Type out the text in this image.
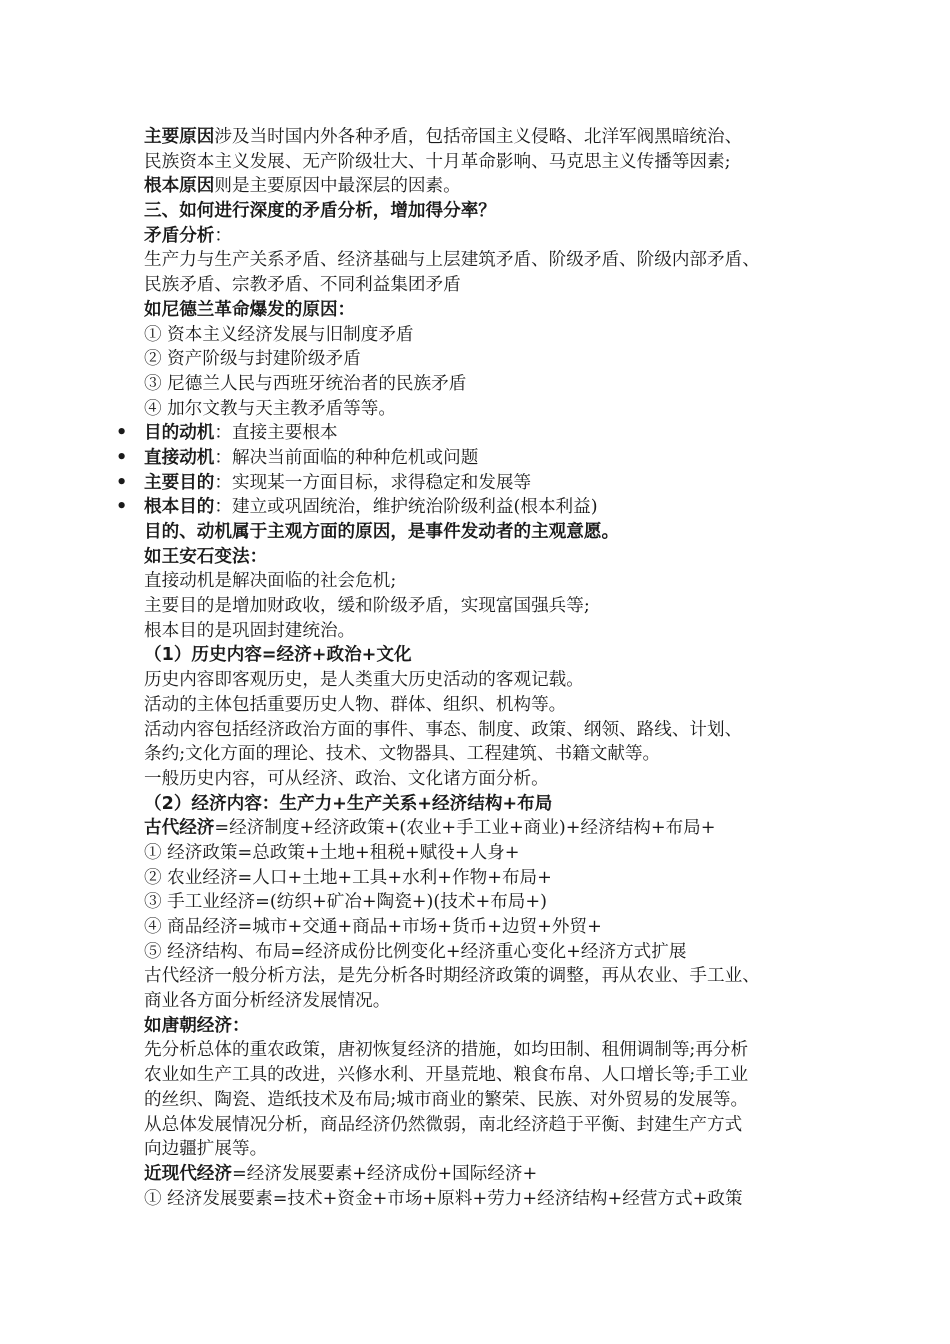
主要原因涉及当时国内外各种矛盾，包括帝国主义侵略、北洋军阀黑暗统治、
民族资本主义发展、无产阶级壮大、十月革命影响、马克思主义传播等因素;
根本原因则是主要原因中最深层的因素。
三、如何进行深度的矛盾分析，增加得分率？
矛盾分析：
生产力与生产关系矛盾、经济基础与上层建筑矛盾、阶级矛盾、阶级内部矛盾、
民族矛盾、宗教矛盾、不同利益集团矛盾
如尼德兰革命爆发的原因：
① 资本主义经济发展与旧制度矛盾
② 资产阶级与封建阶级矛盾
③ 尼德兰人民与西班牙统治者的民族矛盾
④ 加尔文教与天主教矛盾等等。
• 目的动机：直接主要根本
• 直接动机：解决当前面临的种种危机或问题
• 主要目的：实现某一方面目标，求得稳定和发展等
• 根本目的：建立或巩固统治，维护统治阶级利益(根本利益)
目的、动机属于主观方面的原因，是事件发动者的主观意愿。
如王安石变法：
直接动机是解决面临的社会危机;
主要目的是增加财政收，缓和阶级矛盾，实现富国强兵等;
根本目的是巩固封建统治。
（1）历史内容=经济+政治+文化
历史内容即客观历史，是人类重大历史活动的客观记载。
活动的主体包括重要历史人物、群体、组织、机构等。
活动内容包括经济政治方面的事件、事态、制度、政策、纲领、路线、计划、
条约;文化方面的理论、技术、文物器具、工程建筑、书籍文献等。
一般历史内容，可从经济、政治、文化诸方面分析。
（2）经济内容：生产力+生产关系+经济结构+布局
古代经济=经济制度+经济政策+(农业+手工业+商业)+经济结构+布局+
① 经济政策=总政策+土地+租税+赋役+人身+
② 农业经济=人口+土地+工具+水利+作物+布局+
③ 手工业经济=(纺织+矿冶+陶瓷+)(技术+布局+)
④ 商品经济=城市+交通+商品+市场+货币+边贸+外贸+
⑤ 经济结构、布局=经济成份比例变化+经济重心变化+经济方式扩展
古代经济一般分析方法，是先分析各时期经济政策的调整，再从农业、手工业、
商业各方面分析经济发展情况。
如唐朝经济：
先分析总体的重农政策，唐初恢复经济的措施，如均田制、租佣调制等;再分析
农业如生产工具的改进，兴修水利、开垦荒地、粮食布帛、人口增长等;手工业
的丝织、陶瓷、造纸技术及布局;城市商业的繁荣、民族、对外贸易的发展等。
从总体发展情况分析，商品经济仍然微弱，南北经济趋于平衡、封建生产方式
向边疆扩展等。
近现代经济=经济发展要素+经济成份+国际经济+
① 经济发展要素=技术+资金+市场+原料+劳力+经济结构+经营方式+政策
